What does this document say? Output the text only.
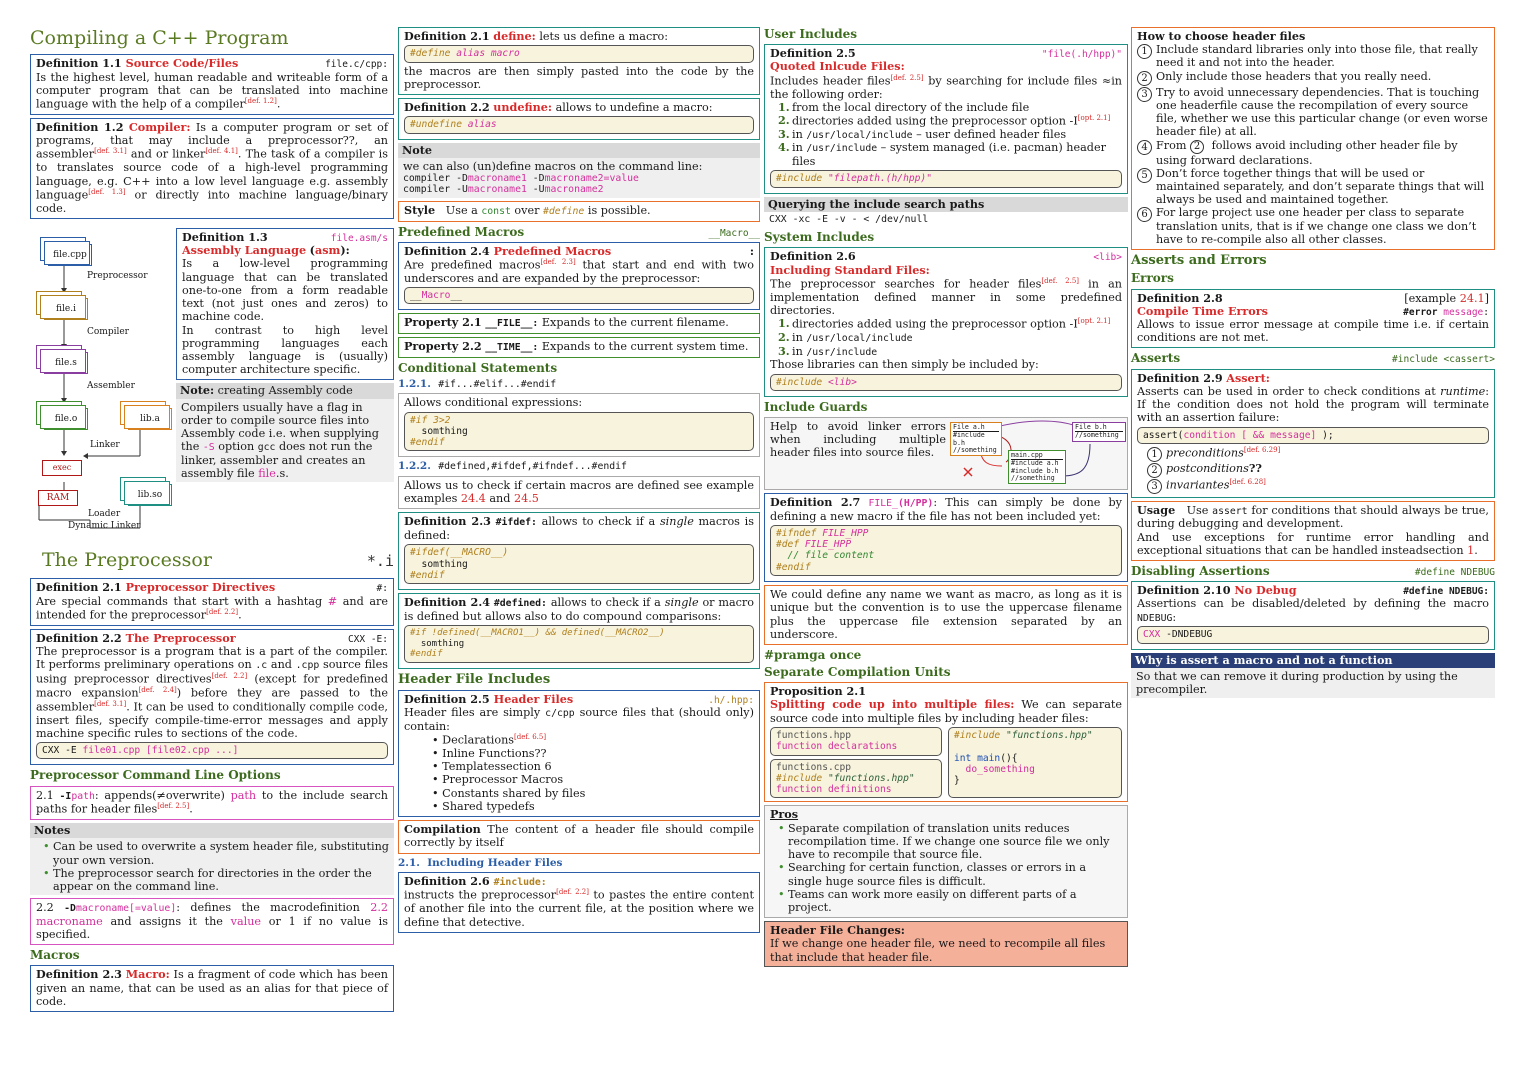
Compiling a C++ Program
Definition 1.1 Source Code/Files	file.c/cpp:

Is the highest level, human readable and writeable form of a computer program that can be translated into machine language with the help of a compiler[def. 1.2].

Definition 1.2 Compiler: Is a computer program or set of programs, that may include a preprocessor??, an assembler[def. 3.1] and or linker[def. 4.1]. The task of a compiler is to translates source code of a high-level programming language, e.g. C++ into a low level language e.g. assembly language[def. 1.3] or directly into machine language/binary code.

file.cpp
Preprocessor
file.i
Compiler
file.s
Assembler
file.o	lib.a
Linker
exec
lib.so
RAM
Loader
Dynamic Linker
Definition 1.3	file.asm/s
Assembly Language (asm):

Is a low-level programming language that can be translated one-to-one from a form readable text (not just ones and zeros) to machine code.

In contrast to high level programming languages each assembly language is (usually) computer architecture specific.

Note: creating Assembly code

Compilers usually have a flag in order to compile source files into Assembly code i.e. when supplying the -S option gcc does not run the linker, assembler and creates an assembly file file.s.

The Preprocessor	*.i
Definition 2.1 Preprocessor Directives	#:

Are special commands that start with a hashtag # and are intended for the preprocessor[def. 2.2].

Definition 2.2 The Preprocessor	CXX -E:

The preprocessor is a program that is a part of the compiler. It performs preliminary operations on .c and .cpp source files using preprocessor directives[def. 2.2] (except for predefined macro expansion[def. 2.4]) before they are passed to the assembler[def. 3.1]. It can be used to conditionally compile code, insert files, specify compile-time-error messages and apply machine specific rules to sections of the code.

CXX -E file01.cpp [file02.cpp ...]
Preprocessor Command Line Options

2.1 -Ipath: appends(≠overwrite) path to the include search paths for header files[def. 2.5].

Notes
• Can be used to overwrite a system header file, substituting your own version.
• The preprocessor search for directories in the order the appear on the command line.

2.2 -Dmacroname[=value]: defines the macrodefinition 2.2 macroname and assigns it the value or 1 if no value is specified.

Macros

Definition 2.3 Macro: Is a fragment of code which has been given an name, that can be used as an alias for that piece of code.

Definition 2.1 define: lets us define a macro:

#define alias macro

the macros are then simply pasted into the code by the preprocessor.

Definition 2.2 undefine: allows to undefine a macro:

#undefine alias
Note

we can also (un)define macros on the command line:

compiler -Dmacroname1 -Dmacroname2=value
compiler -Umacroname1 -Umacroname2

Style Use a const over #define is possible.

Predefined Macros	__Macro__
Definition 2.4 Predefined Macros	:

Are predefined macros[def. 2.3] that start and end with two underscores and are expanded by the preprocessor:

__Macro__

Property 2.1 __FILE__: Expands to the current filename.

Property 2.2 __TIME__: Expands to the current system time.

Conditional Statements
1.2.1. #if...#elif...#endif

Allows conditional expressions:

#if 3>2
somthing
#endif
1.2.2. #defined,#ifdef,#ifndef...#endif

Allows us to check if certain macros are defined see example examples 24.4 and 24.5

Definition 2.3 #ifdef: allows to check if a single macros is defined:

#ifdef(__MACRO__)
somthing
#endif

Definition 2.4 #defined: allows to check if a single or macro is defined but allows also to do compound comparisons:

#if !defined(__MACRO1__) && defined(__MACRO2__)
somthing
#endif
Header File Includes
Definition 2.5 Header Files	.h/.hpp:

Header files are simply c/cpp source files that (should only) contain:

• Declarations[def. 6.5]
• Inline Functions??
• Templatessection 6
• Preprocessor Macros
• Constants shared by files
• Shared typedefs

Compilation The content of a header file should compile correctly by itself

2.1. Including Header Files
Definition 2.6 #include:

instructs the preprocessor[def. 2.2] to pastes the entire content of another file into the current file, at the position where we define that detective.

User Includes
Definition 2.5	"file(.h/hpp)"
Quoted Inlcude Files:

Includes header files[def. 2.5] by searching for include files ≈in the following order:

1. from the local directory of the include file
2. directories added using the preprocessor option -I[opt. 2.1]
3. in /usr/local/include – user defined header files
4. in /usr/include – system managed (i.e. pacman) header files
#include "filepath.(h/hpp)"
Querying the include search paths
CXX -xc -E -v - < /dev/null
System Includes
Definition 2.6	<lib>
Including Standard Files:

The preprocessor searches for header files[def. 2.5] in an implementation defined manner in some predefined directories.

1. directories added using the preprocessor option -I[opt. 2.1]
2. in /usr/local/include
3. in /usr/include

Those libraries can then simply be included by:

#include <lib>
Include Guards

Help to avoid linker errors when including multiple header files into source files.

File a.h
#include b.h
//something
File b.h
//something
main.cpp
#include a.h
#include b.h
//something

Definition 2.7 FILE_(H/PP): This can simply be done by defining a new macro if the file has not been included yet:

#ifndef FILE_HPP
#def FILE_HPP
// file content
#endif

We could define any name we want as macro, as long as it is unique but the convention is to use the uppercase filename plus the uppercase file extension separated by an underscore.

#pramga once
Separate Compilation Units
Proposition 2.1

Splitting code up into multiple files: We can separate source code into multiple files by including header files:

functions.hpp
function declarations
functions.cpp
#include "functions.hpp"
function definitions
#include "functions.hpp"

int main(){
do_something
}
Pros
• Separate compilation of translation units reduces recompilation time. If we change one source file we only have to recompile that source file.
• Searching for certain function, classes or errors in a single huge source files is difficult.
• Teams can work more easily on different parts of a project.
Header File Changes:

If we change one header file, we need to recompile all files that include that header file.

How to choose header files
1 Include standard libraries only into those file, that really need it and not into the header.
2 Only include those headers that you really need.
3 Try to avoid unnecessary dependencies. That is touching one headerfile cause the recompilation of every source file, whether we use this particular change (or even worse header file) at all.
4 From 2 follows avoid including other header file by using forward declarations.
5 Don’t force together things that will be used or maintained separately, and don’t separate things that will always be used and maintained together.
6 For large project use one header per class to separate translation units, that is if we change one class we don’t have to re-compile also all other classes.
Asserts and Errors
Errors
Definition 2.8	[example 24.1]
Compile Time Errors	#error message:

Allows to issue error message at compile time i.e. if certain conditions are not met.

Asserts	#include <cassert>

Definition 2.9 Assert:

Asserts can be used in order to check conditions at runtime: If the condition does not hold the program will terminate with an assertion failure:

assert(condition [ && message] );
1 preconditions[def. 6.29]
2 postconditions??
3 invariantes[def. 6.28]

Usage Use assert for conditions that should always be true, during debugging and development.

And use exceptions for runtime error handling and exceptional situations that can be handled insteadsection 1.

Disabling Assertions	#define NDEBUG
Definition 2.10 No Debug	#define NDEBUG:

Assertions can be disabled/deleted by defining the macro NDEBUG:

CXX -DNDEBUG
Why is assert a macro and not a function

So that we can remove it during production by using the precompiler.
